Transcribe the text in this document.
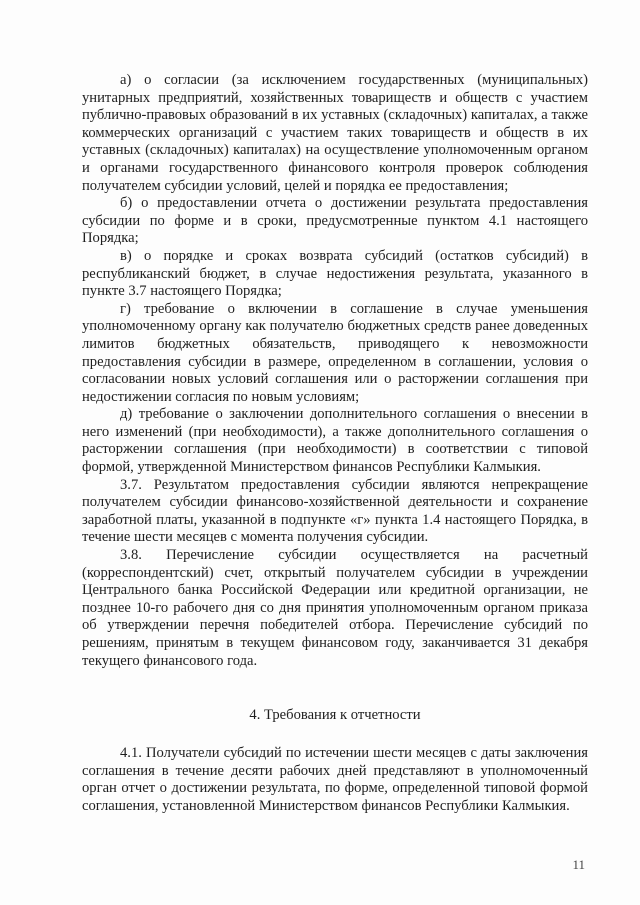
а) о согласии (за исключением государственных (муниципальных) унитарных предприятий, хозяйственных товариществ и обществ с участием публично-правовых образований в их уставных (складочных) капиталах, а также коммерческих организаций с участием таких товариществ и обществ в их уставных (складочных) капиталах) на осуществление уполномоченным органом и органами государственного финансового контроля проверок соблюдения получателем субсидии условий, целей и порядка ее предоставления;

б) о предоставлении отчета о достижении результата предоставления субсидии по форме и в сроки, предусмотренные пунктом 4.1 настоящего Порядка;

в) о порядке и сроках возврата субсидий (остатков субсидий) в республиканский бюджет, в случае недостижения результата, указанного в пункте 3.7 настоящего Порядка;

г) требование о включении в соглашение в случае уменьшения уполномоченному органу как получателю бюджетных средств ранее доведенных лимитов бюджетных обязательств, приводящего к невозможности предоставления субсидии в размере, определенном в соглашении, условия о согласовании новых условий соглашения или о расторжении соглашения при недостижении согласия по новым условиям;

д) требование о заключении дополнительного соглашения о внесении в него изменений (при необходимости), а также дополнительного соглашения о расторжении соглашения (при необходимости) в соответствии с типовой формой, утвержденной Министерством финансов Республики Калмыкия.

3.7. Результатом предоставления субсидии являются непрекращение получателем субсидии финансово-хозяйственной деятельности и сохранение заработной платы, указанной в подпункте «г» пункта 1.4 настоящего Порядка, в течение шести месяцев с момента получения субсидии.

3.8. Перечисление субсидии осуществляется на расчетный (корреспондентский) счет, открытый получателем субсидии в учреждении Центрального банка Российской Федерации или кредитной организации, не позднее 10-го рабочего дня со дня принятия уполномоченным органом приказа об утверждении перечня победителей отбора. Перечисление субсидий по решениям, принятым в текущем финансовом году, заканчивается 31 декабря текущего финансового года.

4. Требования к отчетности

4.1. Получатели субсидий по истечении шести месяцев с даты заключения соглашения в течение десяти рабочих дней представляют в уполномоченный орган отчет о достижении результата, по форме, определенной типовой формой соглашения, установленной Министерством финансов Республики Калмыкия.

11
